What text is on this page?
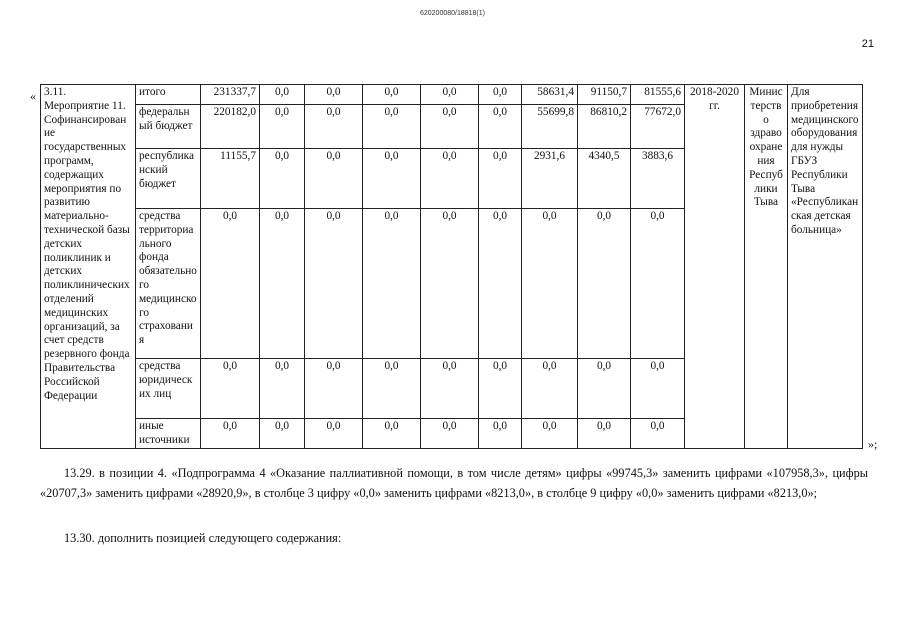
620200080/18818(1)
21
« 3.11. Мероприятие 11. Софинансирование государственных программ, содержащих мероприятия по развитию материально-технической базы детских поликлиник и детских поликлинических отделений медицинских организаций, за счет средств резервного фонда Правительства Российской Федерации	итого	231337,7	0,0	0,0	0,0	0,0	0,0	58631,4	91150,7	81555,6	2018-2020 гг.	Министерство здравоохранения Республики Тыва	Для приобретения медицинского оборудования для нужды ГБУЗ Республики Тыва «Республиканская детская больница»
	федеральный бюджет	220182,0	0,0	0,0	0,0	0,0	0,0	55699,8	86810,2	77672,0			
	республиканский бюджет	11155,7	0,0	0,0	0,0	0,0	0,0	2931,6	4340,5	3883,6			
	средства территориального фонда обязательного медицинского страхования	0,0	0,0	0,0	0,0	0,0	0,0	0,0	0,0	0,0			
	средства юридических лиц	0,0	0,0	0,0	0,0	0,0	0,0	0,0	0,0	0,0			
	иные источники	0,0	0,0	0,0	0,0	0,0	0,0	0,0	0,0	0,0			
»;
13.29. в позиции 4. «Подпрограмма 4 «Оказание паллиативной помощи, в том числе детям» цифры «99745,3» заменить цифрами «107958,3», цифры «20707,3» заменить цифрами «28920,9», в столбце 3 цифру «0,0» заменить цифрами «8213,0», в столбце 9 цифру «0,0» заменить цифрами «8213,0»;
13.30. дополнить позицией следующего содержания:
